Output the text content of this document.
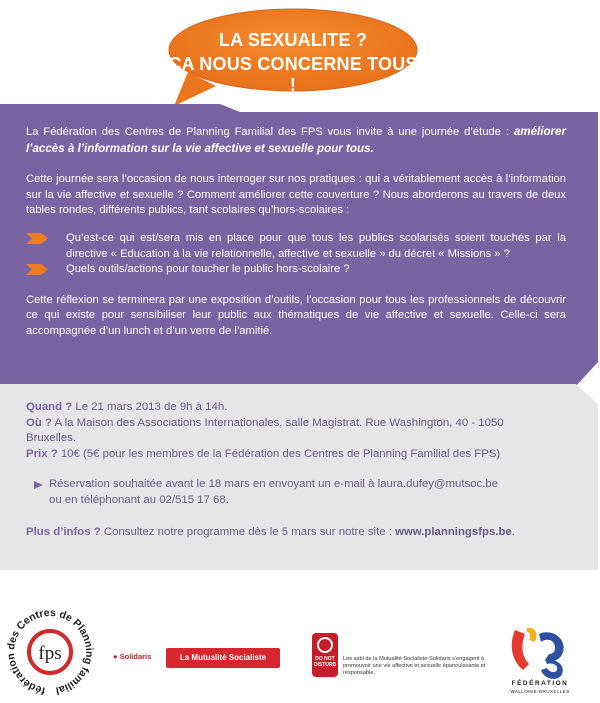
LA SEXUALITE ?
ÇA NOUS CONCERNE TOUS !

La Fédération des Centres de Planning Familial des FPS vous invite à une journée d’étude : améliorer l’accès à l’information sur la vie affective et sexuelle pour tous.

Cette journée sera l’occasion de nous interroger sur nos pratiques : qui a véritablement accès à l’information sur la vie affective et sexuelle ? Comment améliorer cette couverture ? Nous aborderons au travers de deux tables rondes, différents publics, tant scolaires qu’hors-scolaires :

Qu’est-ce qui est/sera mis en place pour que tous les publics scolarisés soient touchés par la directive « Education à la vie relationnelle, affective et sexuelle » du décret « Missions » ?
Quels outils/actions pour toucher le public hors-scolaire ?

Cette réflexion se terminera par une exposition d’outils, l’occasion pour tous les professionnels de découvrir ce qui existe pour sensibiliser leur public aux thématiques de vie affective et sexuelle. Celle-ci sera accompagnée d’un lunch et d’un verre de l’amitié.

Quand ? Le 21 mars 2013 de 9h à 14h.

Où ? A la Maison des Associations Internationales, salle Magistrat. Rue Washington, 40 - 1050 Bruxelles.

Prix ? 10€ (5€ pour les membres de la Fédération des Centres de Planning Familial des FPS)

Réservation souhaitée avant le 18 mars en envoyant un e-mail à laura.dufey@mutsoc.be
ou en téléphonant au 02/515 17 68.

Plus d’infos ? Consultez notre programme dès le 5 mars sur notre site : www.planningsfps.be.

fédération des Centres de Planning familial
fps	● Solidaris	La Mutualité Socialiste	DO NOT DISTURB
Les asbl de la Mutualité Socialiste-Solidaris s’engagent à promouvoir une vie affective et sexuelle épanouissante et responsable.
FÉDÉRATION
WALLONIE-BRUXELLES
